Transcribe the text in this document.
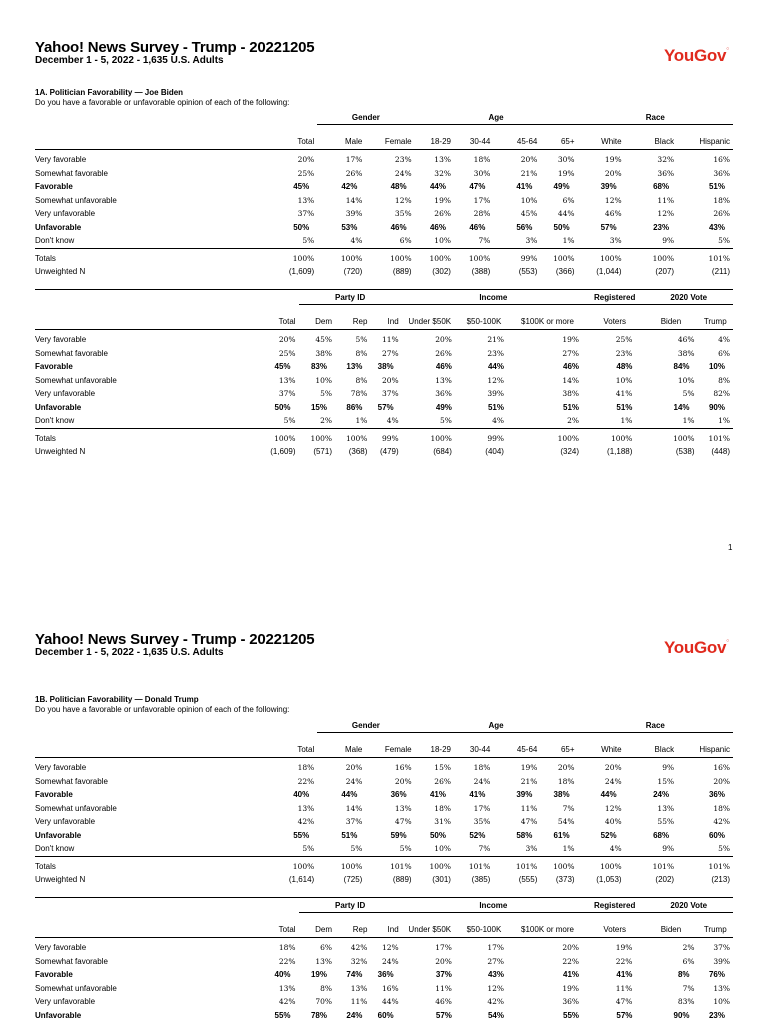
Yahoo! News Survey - Trump - 20221205
December 1 - 5, 2022 - 1,635 U.S. Adults	YouGov○
1A. Politician Favorability — Joe Biden
Do you have a favorable or unfavorable opinion of each of the following:
		Gender		Age				Race		
	Total	Male	Female	18-29	30-44	45-64	65+	White	Black	Hispanic
Very favorable	20%	17%	23%	13%	18%	20%	30%	19%	32%	16%
Somewhat favorable	25%	26%	24%	32%	30%	21%	19%	20%	36%	36%
Favorable	45%	42%	48%	44%	47%	41%	49%	39%	68%	51%
Somewhat unfavorable	13%	14%	12%	19%	17%	10%	6%	12%	11%	18%
Very unfavorable	37%	39%	35%	26%	28%	45%	44%	46%	12%	26%
Unfavorable	50%	53%	46%	46%	46%	56%	50%	57%	23%	43%
Don't know	5%	4%	6%	10%	7%	3%	1%	3%	9%	5%
Totals	100%	100%	100%	100%	100%	99%	100%	100%	100%	101%
Unweighted N	(1,609)	(720)	(889)	(302)	(388)	(553)	(366)	(1,044)	(207)	(211)
		Party ID			Income			Registered	2020 Vote	
	Total	Dem	Rep	Ind	Under $50K	$50-100K	$100K or more	Voters	Biden	Trump
Very favorable	20%	45%	5%	11%	20%	21%	19%	25%	46%	4%
Somewhat favorable	25%	38%	8%	27%	26%	23%	27%	23%	38%	6%
Favorable	45%	83%	13%	38%	46%	44%	46%	48%	84%	10%
Somewhat unfavorable	13%	10%	8%	20%	13%	12%	14%	10%	10%	8%
Very unfavorable	37%	5%	78%	37%	36%	39%	38%	41%	5%	82%
Unfavorable	50%	15%	86%	57%	49%	51%	51%	51%	14%	90%
Don't know	5%	2%	1%	4%	5%	4%	2%	1%	1%	1%
Totals	100%	100%	100%	99%	100%	99%	100%	100%	100%	101%
Unweighted N	(1,609)	(571)	(368)	(479)	(684)	(404)	(324)	(1,188)	(538)	(448)
1
Yahoo! News Survey - Trump - 20221205
December 1 - 5, 2022 - 1,635 U.S. Adults	YouGov○
1B. Politician Favorability — Donald Trump
Do you have a favorable or unfavorable opinion of each of the following:
		Gender		Age				Race		
	Total	Male	Female	18-29	30-44	45-64	65+	White	Black	Hispanic
Very favorable	18%	20%	16%	15%	18%	19%	20%	20%	9%	16%
Somewhat favorable	22%	24%	20%	26%	24%	21%	18%	24%	15%	20%
Favorable	40%	44%	36%	41%	41%	39%	38%	44%	24%	36%
Somewhat unfavorable	13%	14%	13%	18%	17%	11%	7%	12%	13%	18%
Very unfavorable	42%	37%	47%	31%	35%	47%	54%	40%	55%	42%
Unfavorable	55%	51%	59%	50%	52%	58%	61%	52%	68%	60%
Don't know	5%	5%	5%	10%	7%	3%	1%	4%	9%	5%
Totals	100%	100%	101%	100%	101%	101%	100%	100%	101%	101%
Unweighted N	(1,614)	(725)	(889)	(301)	(385)	(555)	(373)	(1,053)	(202)	(213)
		Party ID			Income			Registered	2020 Vote	
	Total	Dem	Rep	Ind	Under $50K	$50-100K	$100K or more	Voters	Biden	Trump
Very favorable	18%	6%	42%	12%	17%	17%	20%	19%	2%	37%
Somewhat favorable	22%	13%	32%	24%	20%	27%	22%	22%	6%	39%
Favorable	40%	19%	74%	36%	37%	43%	41%	41%	8%	76%
Somewhat unfavorable	13%	8%	13%	16%	11%	12%	19%	11%	7%	13%
Very unfavorable	42%	70%	11%	44%	46%	42%	36%	47%	83%	10%
Unfavorable	55%	78%	24%	60%	57%	54%	55%	57%	90%	23%
